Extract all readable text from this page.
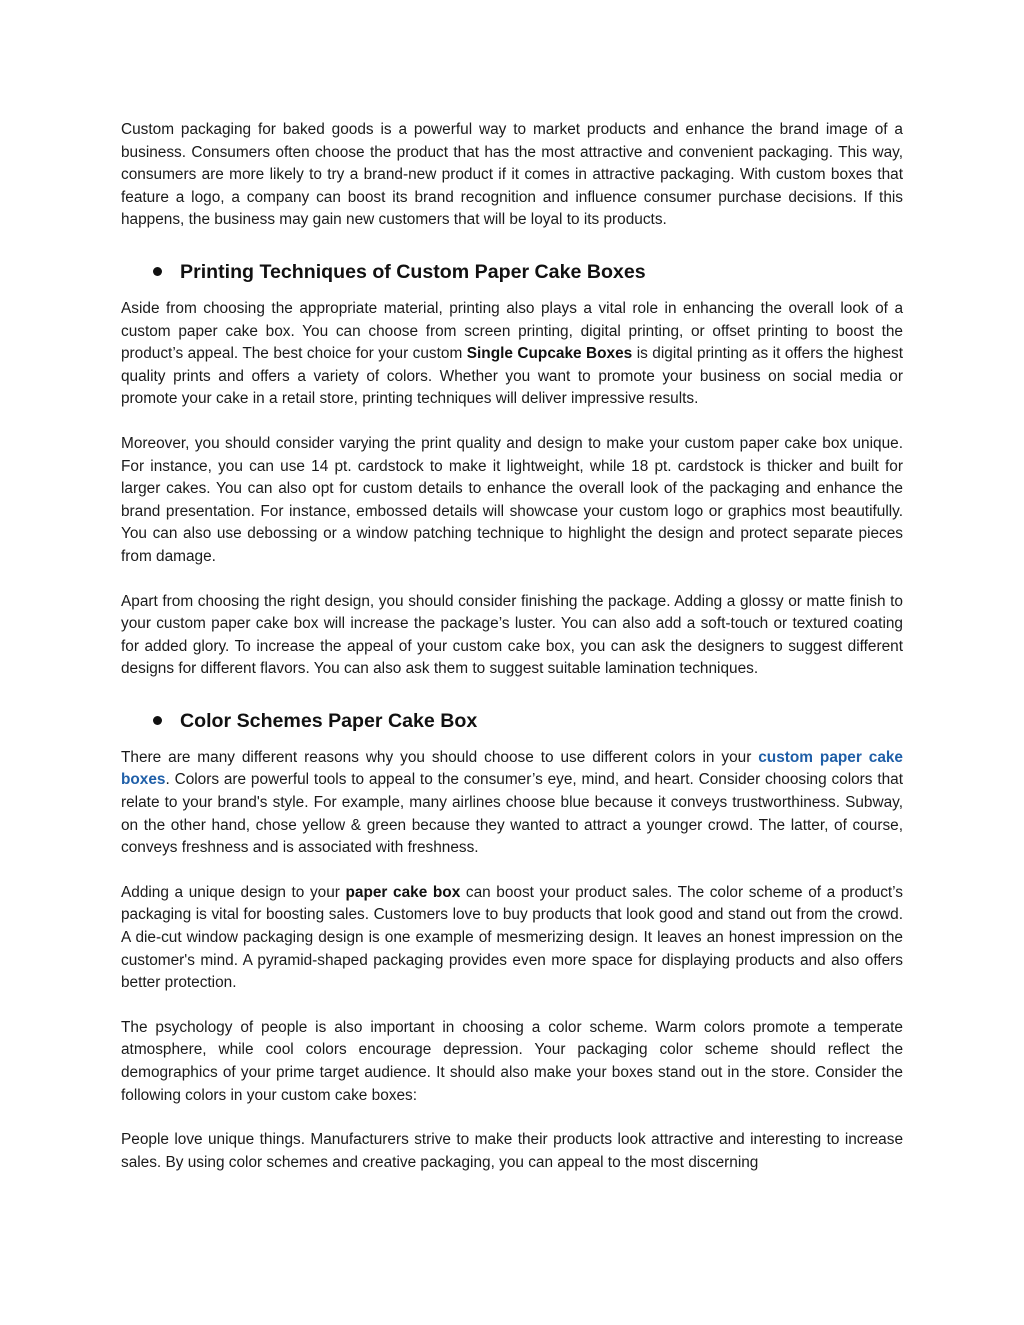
Custom packaging for baked goods is a powerful way to market products and enhance the brand image of a business. Consumers often choose the product that has the most attractive and convenient packaging. This way, consumers are more likely to try a brand-new product if it comes in attractive packaging. With custom boxes that feature a logo, a company can boost its brand recognition and influence consumer purchase decisions. If this happens, the business may gain new customers that will be loyal to its products.

Printing Techniques of Custom Paper Cake Boxes

Aside from choosing the appropriate material, printing also plays a vital role in enhancing the overall look of a custom paper cake box. You can choose from screen printing, digital printing, or offset printing to boost the product’s appeal. The best choice for your custom Single Cupcake Boxes is digital printing as it offers the highest quality prints and offers a variety of colors. Whether you want to promote your business on social media or promote your cake in a retail store, printing techniques will deliver impressive results.

Moreover, you should consider varying the print quality and design to make your custom paper cake box unique. For instance, you can use 14 pt. cardstock to make it lightweight, while 18 pt. cardstock is thicker and built for larger cakes. You can also opt for custom details to enhance the overall look of the packaging and enhance the brand presentation. For instance, embossed details will showcase your custom logo or graphics most beautifully. You can also use debossing or a window patching technique to highlight the design and protect separate pieces from damage.

Apart from choosing the right design, you should consider finishing the package. Adding a glossy or matte finish to your custom paper cake box will increase the package’s luster. You can also add a soft-touch or textured coating for added glory. To increase the appeal of your custom cake box, you can ask the designers to suggest different designs for different flavors. You can also ask them to suggest suitable lamination techniques.

Color Schemes Paper Cake Box

There are many different reasons why you should choose to use different colors in your custom paper cake boxes. Colors are powerful tools to appeal to the consumer’s eye, mind, and heart. Consider choosing colors that relate to your brand's style. For example, many airlines choose blue because it conveys trustworthiness. Subway, on the other hand, chose yellow & green because they wanted to attract a younger crowd. The latter, of course, conveys freshness and is associated with freshness.

Adding a unique design to your paper cake box can boost your product sales. The color scheme of a product’s packaging is vital for boosting sales. Customers love to buy products that look good and stand out from the crowd. A die-cut window packaging design is one example of mesmerizing design. It leaves an honest impression on the customer's mind. A pyramid-shaped packaging provides even more space for displaying products and also offers better protection.

The psychology of people is also important in choosing a color scheme. Warm colors promote a temperate atmosphere, while cool colors encourage depression. Your packaging color scheme should reflect the demographics of your prime target audience. It should also make your boxes stand out in the store. Consider the following colors in your custom cake boxes:

People love unique things. Manufacturers strive to make their products look attractive and interesting to increase sales. By using color schemes and creative packaging, you can appeal to the most discerning
